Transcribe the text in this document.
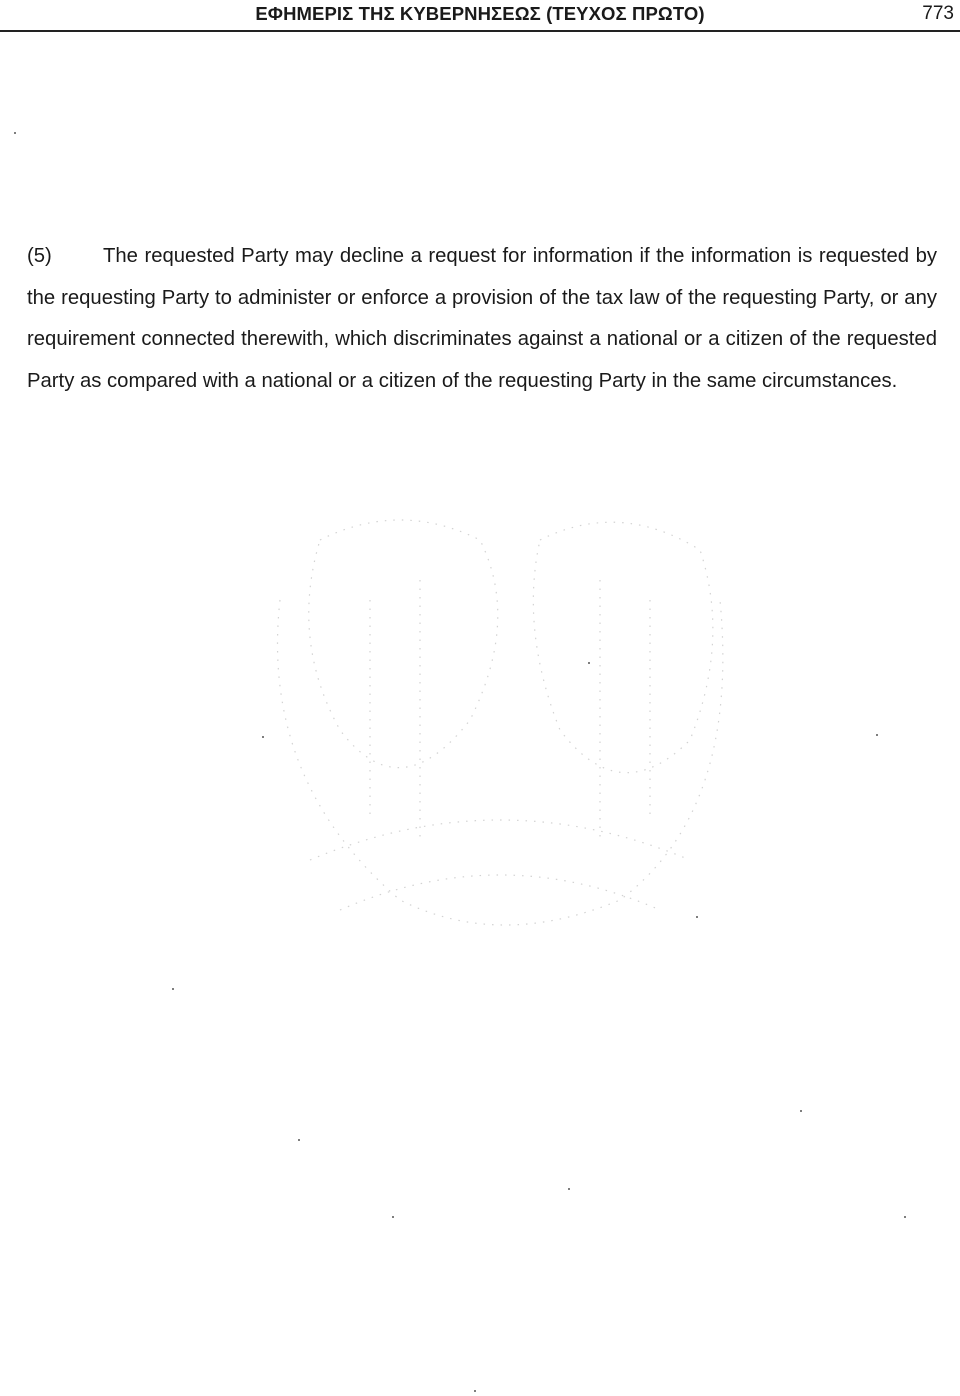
ΕΦΗΜΕΡΙΣ ΤΗΣ ΚΥΒΕΡΝΗΣΕΩΣ (ΤΕΥΧΟΣ ΠΡΩΤΟ)	773

(5)	The requested Party may decline a request for information if the information is requested by the requesting Party to administer or enforce a provision of the tax law of the requesting Party, or any requirement connected therewith, which discriminates against a national or a citizen of the requested Party as compared with a national or a citizen of the requesting Party in the same circumstances.
